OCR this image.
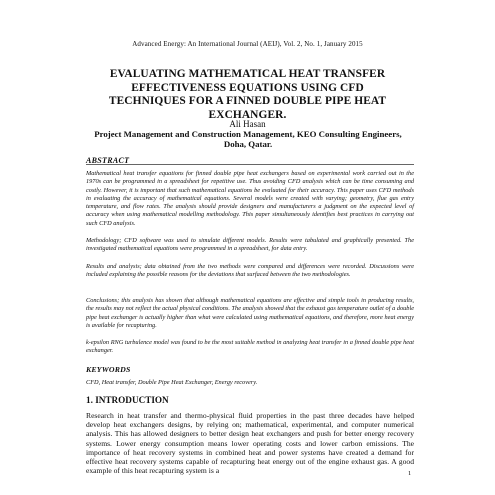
Advanced Energy: An International Journal (AEIJ), Vol. 2, No. 1, January 2015
EVALUATING MATHEMATICAL HEAT TRANSFER
EFFECTIVENESS EQUATIONS USING CFD
TECHNIQUES FOR A FINNED DOUBLE PIPE HEAT
EXCHANGER.
Ali Hasan
Project Management and Construction Management, KEO Consulting Engineers, Doha, Qatar.
ABSTRACT

Mathematical heat transfer equations for finned double pipe heat exchangers based on experimental work carried out in the 1970s can be programmed in a spreadsheet for repetitive use. Thus avoiding CFD analysis which can be time consuming and costly. However, it is important that such mathematical equations be evaluated for their accuracy. This paper uses CFD methods in evaluating the accuracy of mathematical equations. Several models were created with varying; geometry, flue gas entry temperature, and flow rates. The analysis should provide designers and manufacturers a judgment on the expected level of accuracy when using mathematical modelling methodology. This paper simultaneously identifies best practices in carrying out such CFD analysis.

Methodology; CFD software was used to simulate different models. Results were tabulated and graphically presented. The investigated mathematical equations were programmed in a spreadsheet, for data entry.

Results and analysis; data obtained from the two methods were compared and differences were recorded. Discussions were included explaining the possible reasons for the deviations that surfaced between the two methodologies.

Conclusions; this analysis has shown that although mathematical equations are effective and simple tools in producing results, the results may not reflect the actual physical conditions. The analysis showed that the exhaust gas temperature outlet of a double pipe heat exchanger is actually higher than what were calculated using mathematical equations, and therefore, more heat energy is available for recapturing.

k-epsilon RNG turbulence model was found to be the most suitable method in analyzing heat transfer in a finned double pipe heat exchanger.

KEYWORDS

CFD, Heat transfer, Double Pipe Heat Exchanger, Energy recovery.

1. INTRODUCTION

Research in heat transfer and thermo-physical fluid properties in the past three decades have helped develop heat exchangers designs, by relying on; mathematical, experimental, and computer numerical analysis. This has allowed designers to better design heat exchangers and push for better energy recovery systems. Lower energy consumption means lower operating costs and lower carbon emissions. The importance of heat recovery systems in combined heat and power systems have created a demand for effective heat recovery systems capable of recapturing heat energy out of the engine exhaust gas. A good example of this heat recapturing system is a	1
